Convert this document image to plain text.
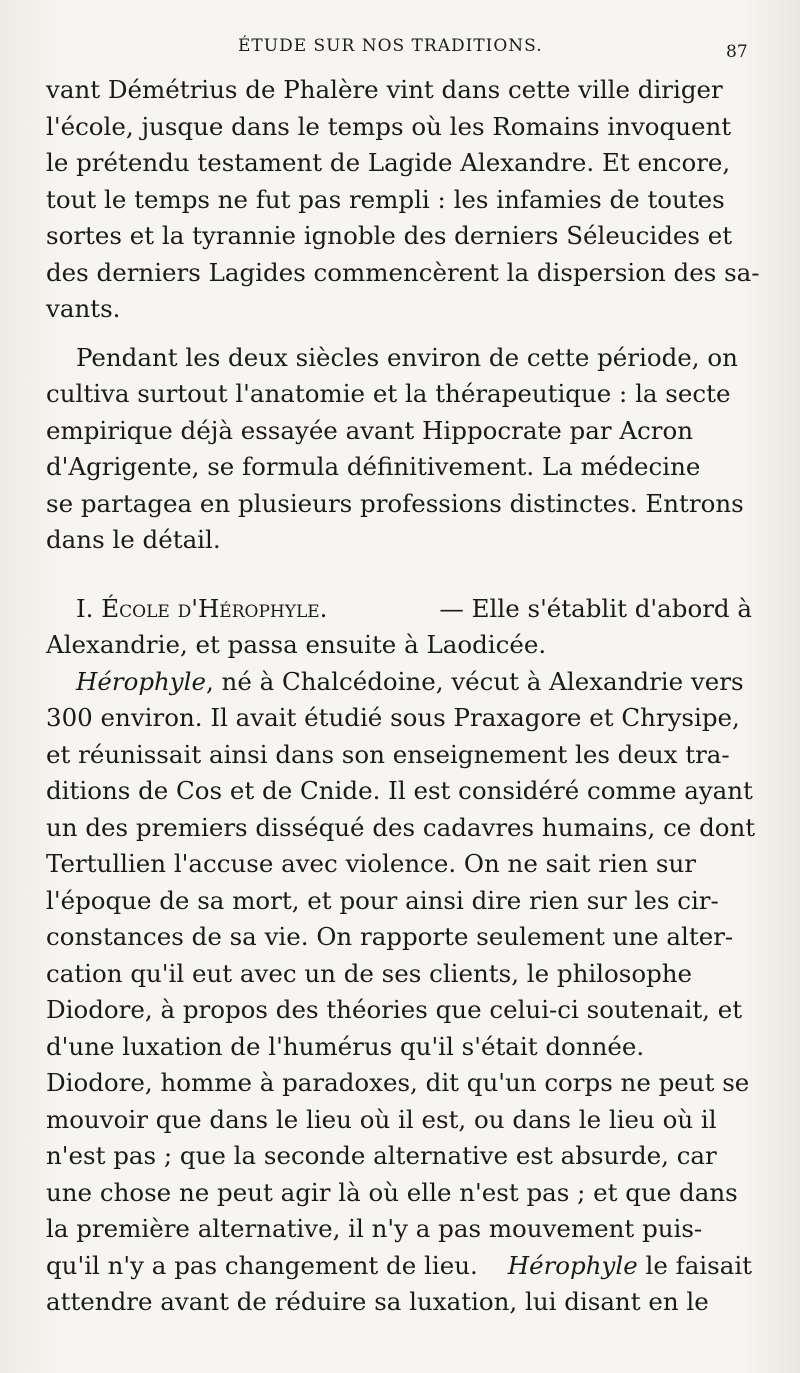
ÉTUDE SUR NOS TRADITIONS.	87
vant Démétrius de Phalère vint dans cette ville diriger
l'école, jusque dans le temps où les Romains invoquent
le prétendu testament de Lagide Alexandre. Et encore,
tout le temps ne fut pas rempli : les infamies de toutes
sortes et la tyrannie ignoble des derniers Séleucides et
des derniers Lagides commencèrent la dispersion des sa-
vants.
Pendant les deux siècles environ de cette période, on
cultiva surtout l'anatomie et la thérapeutique : la secte
empirique déjà essayée avant Hippocrate par Acron
d'Agrigente, se formula définitivement. La médecine
se partagea en plusieurs professions distinctes. Entrons
dans le détail.
I. École d'Hérophyle.	— Elle s'établit d'abord à
Alexandrie, et passa ensuite à Laodicée.
Hérophyle, né à Chalcédoine, vécut à Alexandrie vers
300 environ. Il avait étudié sous Praxagore et Chrysipe,
et réunissait ainsi dans son enseignement les deux tra-
ditions de Cos et de Cnide. Il est considéré comme ayant
un des premiers disséqué des cadavres humains, ce dont
Tertullien l'accuse avec violence. On ne sait rien sur
l'époque de sa mort, et pour ainsi dire rien sur les cir-
constances de sa vie. On rapporte seulement une alter-
cation qu'il eut avec un de ses clients, le philosophe
Diodore, à propos des théories que celui-ci soutenait, et
d'une luxation de l'humérus qu'il s'était donnée.
Diodore, homme à paradoxes, dit qu'un corps ne peut se
mouvoir que dans le lieu où il est, ou dans le lieu où il
n'est pas ; que la seconde alternative est absurde, car
une chose ne peut agir là où elle n'est pas ; et que dans
la première alternative, il n'y a pas mouvement puis-
qu'il n'y a pas changement de lieu. Hérophyle le faisait
attendre avant de réduire sa luxation, lui disant en le
